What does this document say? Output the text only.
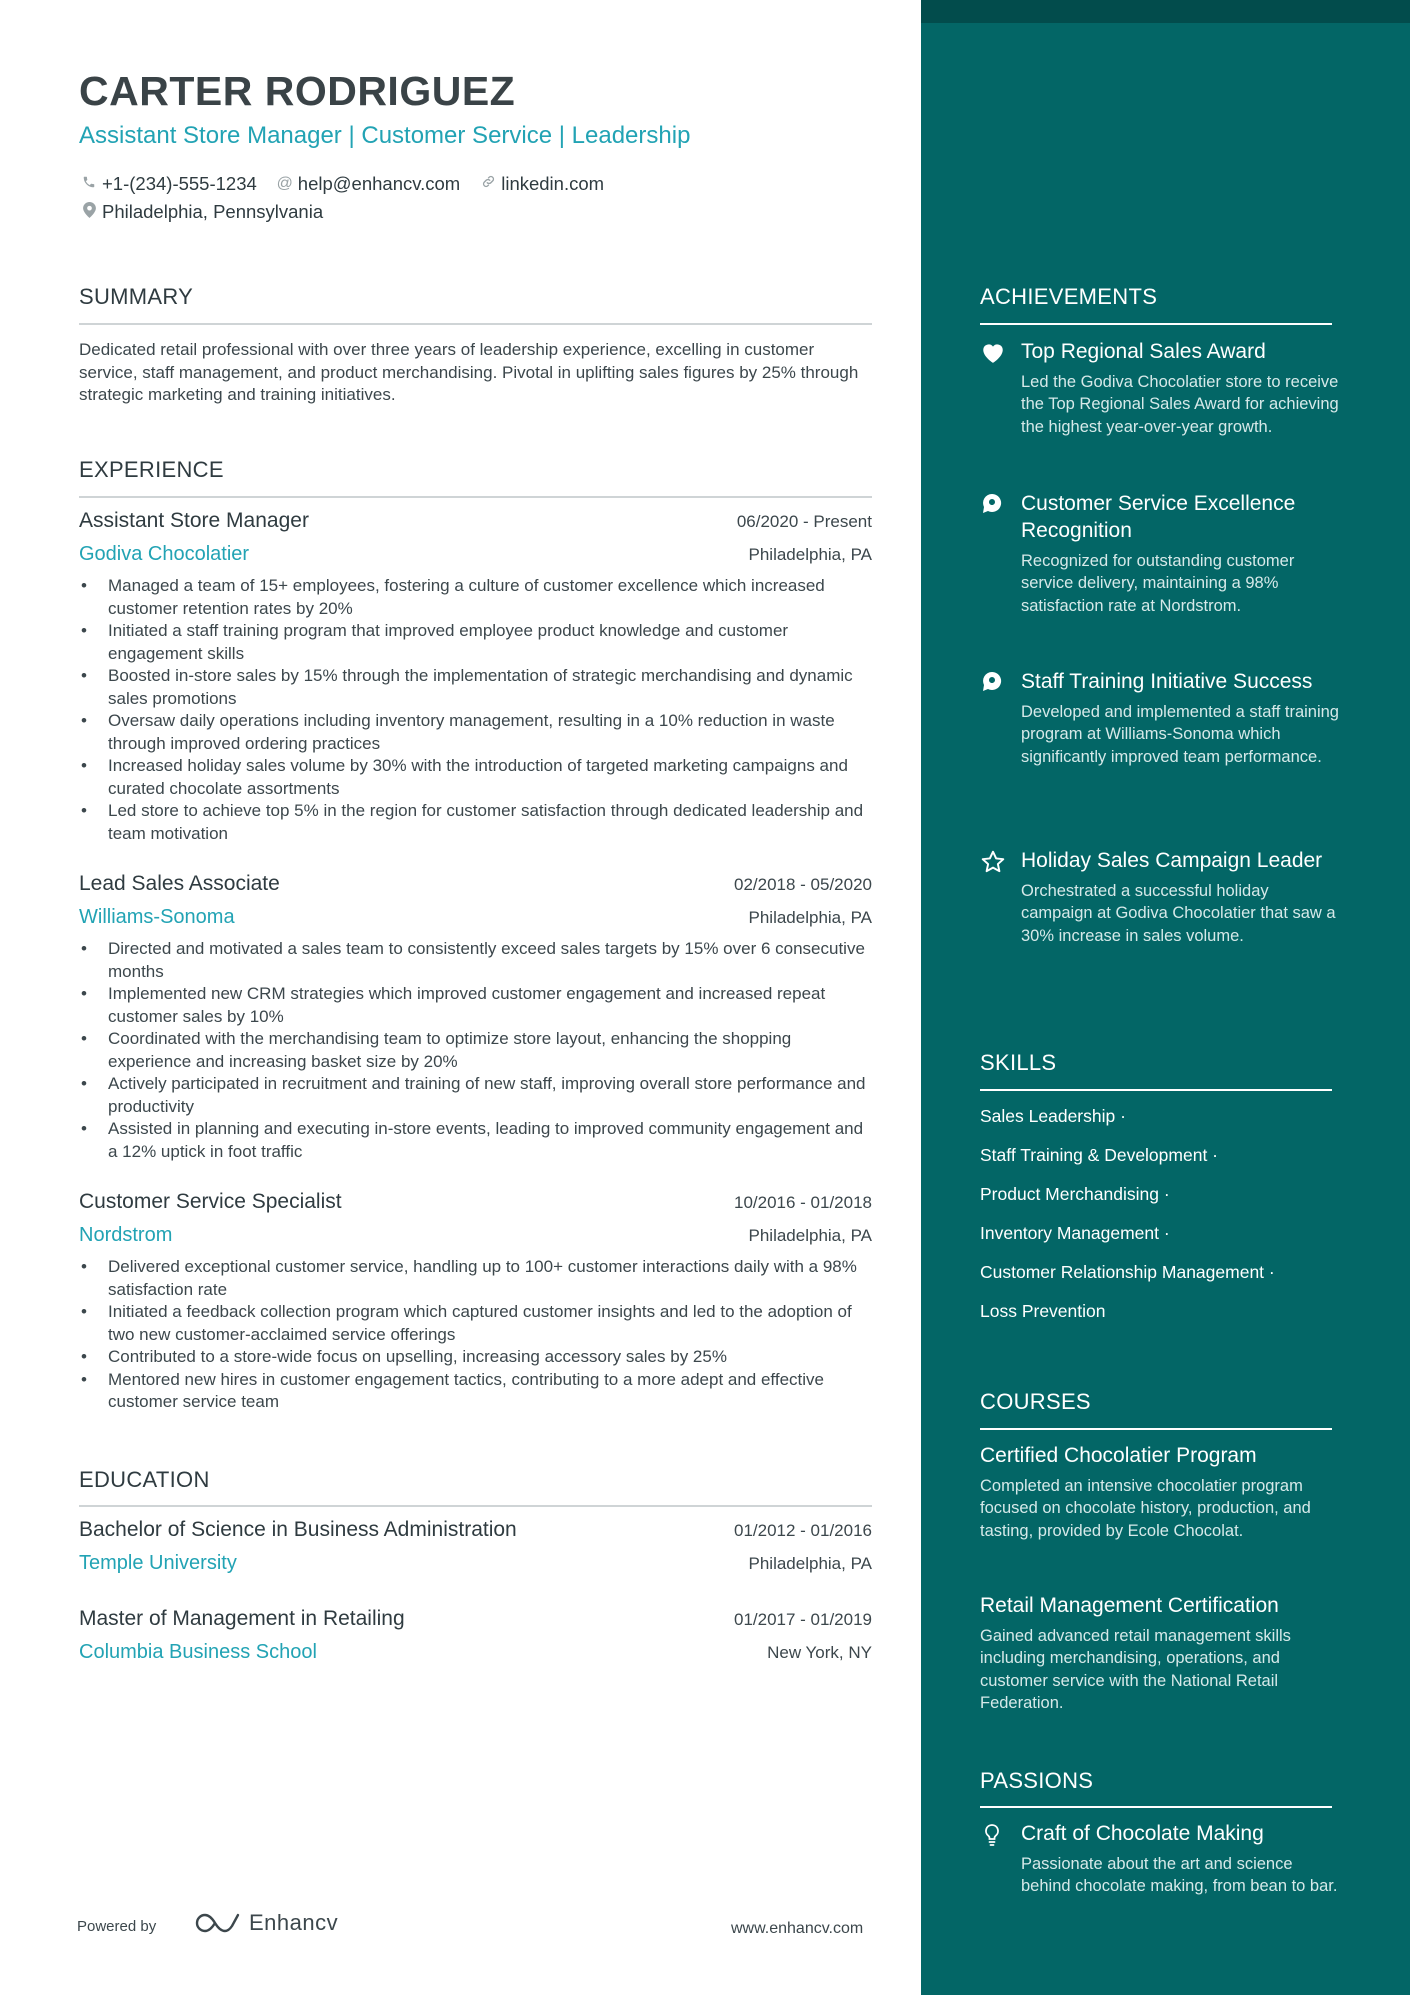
CARTER RODRIGUEZ
Assistant Store Manager | Customer Service | Leadership
+1-(234)-555-1234 @ help@enhancv.com linkedin.com
Philadelphia, Pennsylvania
SUMMARY
Dedicated retail professional with over three years of leadership experience, excelling in customer service, staff management, and product merchandising. Pivotal in uplifting sales figures by 25% through strategic marketing and training initiatives.
EXPERIENCE
Assistant Store Manager	06/2020 - Present
Godiva Chocolatier	Philadelphia, PA
• Managed a team of 15+ employees, fostering a culture of customer excellence which increased customer retention rates by 20%
• Initiated a staff training program that improved employee product knowledge and customer engagement skills
• Boosted in-store sales by 15% through the implementation of strategic merchandising and dynamic sales promotions
• Oversaw daily operations including inventory management, resulting in a 10% reduction in waste through improved ordering practices
• Increased holiday sales volume by 30% with the introduction of targeted marketing campaigns and curated chocolate assortments
• Led store to achieve top 5% in the region for customer satisfaction through dedicated leadership and team motivation
Lead Sales Associate	02/2018 - 05/2020
Williams-Sonoma	Philadelphia, PA
• Directed and motivated a sales team to consistently exceed sales targets by 15% over 6 consecutive months
• Implemented new CRM strategies which improved customer engagement and increased repeat customer sales by 10%
• Coordinated with the merchandising team to optimize store layout, enhancing the shopping experience and increasing basket size by 20%
• Actively participated in recruitment and training of new staff, improving overall store performance and productivity
• Assisted in planning and executing in-store events, leading to improved community engagement and a 12% uptick in foot traffic
Customer Service Specialist	10/2016 - 01/2018
Nordstrom	Philadelphia, PA
• Delivered exceptional customer service, handling up to 100+ customer interactions daily with a 98% satisfaction rate
• Initiated a feedback collection program which captured customer insights and led to the adoption of two new customer-acclaimed service offerings
• Contributed to a store-wide focus on upselling, increasing accessory sales by 25%
• Mentored new hires in customer engagement tactics, contributing to a more adept and effective customer service team
EDUCATION
Bachelor of Science in Business Administration	01/2012 - 01/2016
Temple University	Philadelphia, PA
Master of Management in Retailing	01/2017 - 01/2019
Columbia Business School	New York, NY
Powered by	Enhancv	www.enhancv.com
ACHIEVEMENTS
Top Regional Sales Award
Led the Godiva Chocolatier store to receive the Top Regional Sales Award for achieving the highest year-over-year growth.
Customer Service Excellence Recognition
Recognized for outstanding customer service delivery, maintaining a 98% satisfaction rate at Nordstrom.
Staff Training Initiative Success
Developed and implemented a staff training program at Williams-Sonoma which significantly improved team performance.
Holiday Sales Campaign Leader
Orchestrated a successful holiday campaign at Godiva Chocolatier that saw a 30% increase in sales volume.
SKILLS
Sales Leadership ·
Staff Training & Development ·
Product Merchandising ·
Inventory Management ·
Customer Relationship Management ·
Loss Prevention
COURSES
Certified Chocolatier Program
Completed an intensive chocolatier program focused on chocolate history, production, and tasting, provided by Ecole Chocolat.
Retail Management Certification
Gained advanced retail management skills including merchandising, operations, and customer service with the National Retail Federation.
PASSIONS
Craft of Chocolate Making
Passionate about the art and science behind chocolate making, from bean to bar.
